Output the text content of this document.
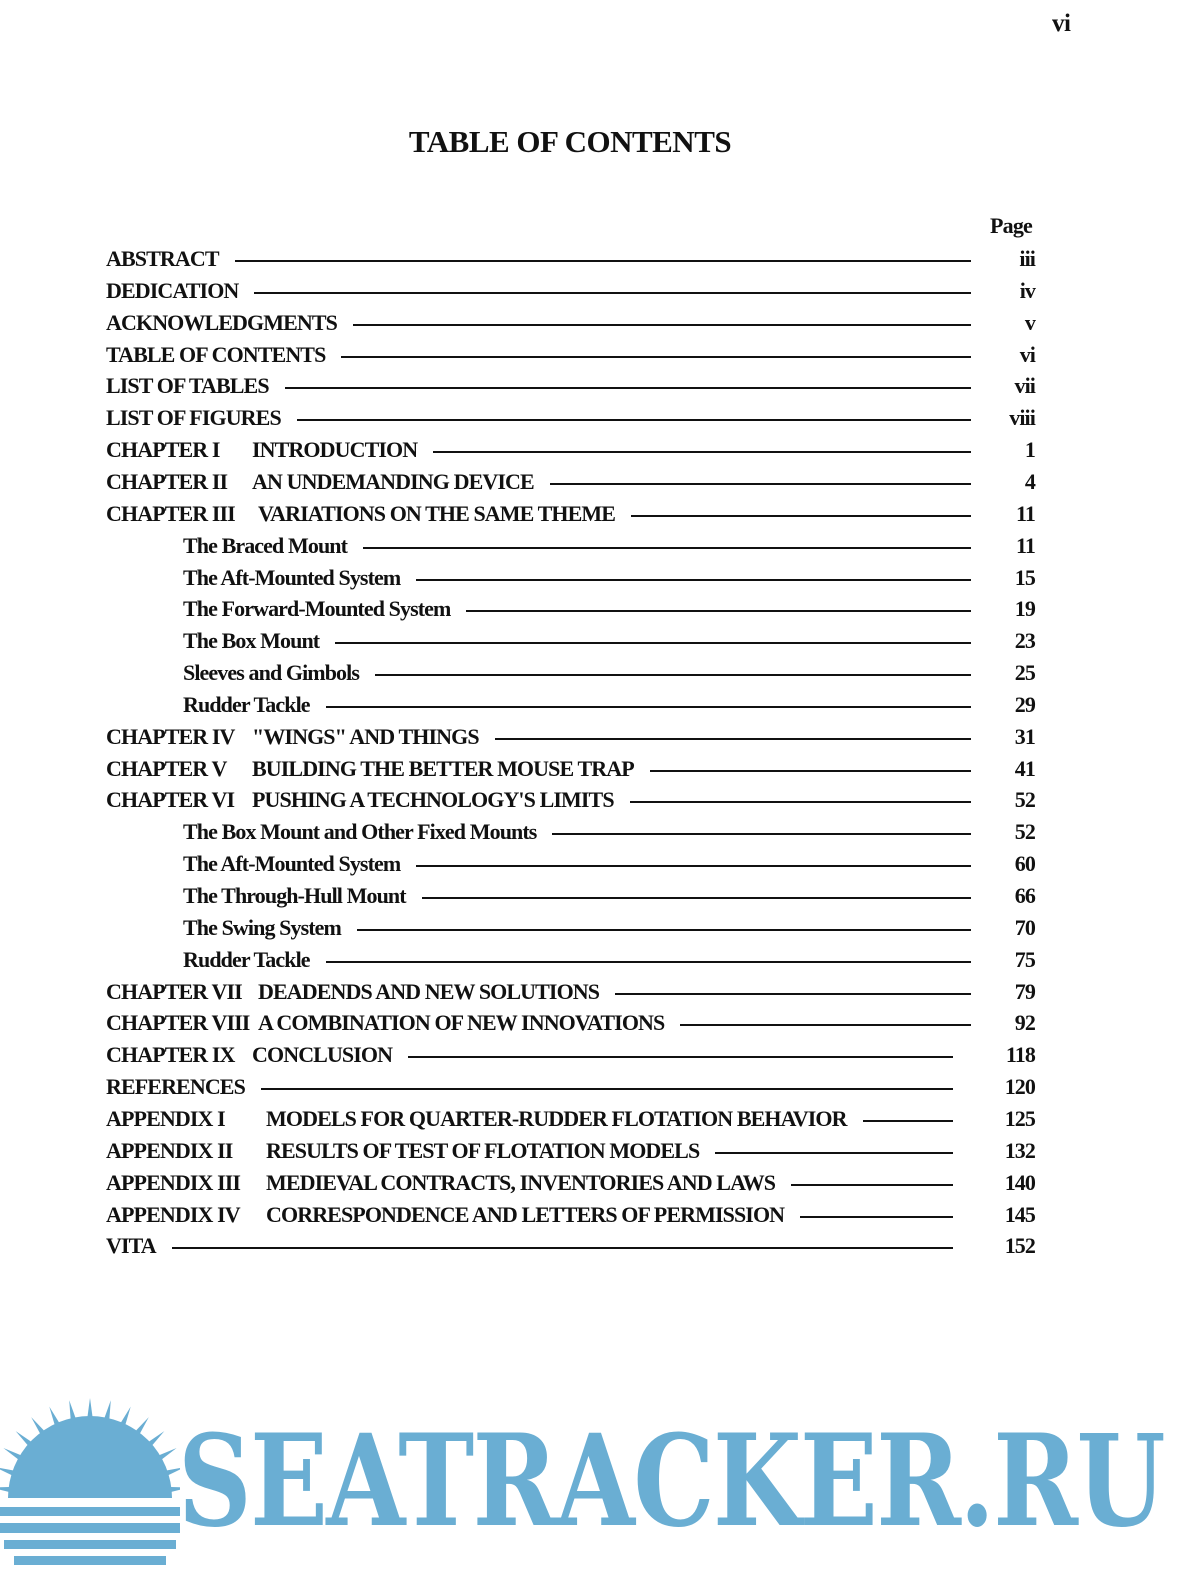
vi
TABLE OF CONTENTS
Page
ABSTRACT	iii
DEDICATION	iv
ACKNOWLEDGMENTS	v
TABLE OF CONTENTS	vi
LIST OF TABLES	vii
LIST OF FIGURES	viii
CHAPTER I	INTRODUCTION	1
CHAPTER II	AN UNDEMANDING DEVICE	4
CHAPTER III	VARIATIONS ON THE SAME THEME	11
The Braced Mount	11
The Aft-Mounted System	15
The Forward-Mounted System	19
The Box Mount	23
Sleeves and Gimbols	25
Rudder Tackle	29
CHAPTER IV "WINGS" AND THINGS	31
CHAPTER V	BUILDING THE BETTER MOUSE TRAP	41
CHAPTER VI PUSHING A TECHNOLOGY'S LIMITS	52
The Box Mount and Other Fixed Mounts	52
The Aft-Mounted System	60
The Through-Hull Mount	66
The Swing System	70
Rudder Tackle	75
CHAPTER VII DEADENDS AND NEW SOLUTIONS	79
CHAPTER VIII A COMBINATION OF NEW INNOVATIONS	92
CHAPTER IX CONCLUSION	118
REFERENCES	120
APPENDIX I	MODELS FOR QUARTER-RUDDER FLOTATION BEHAVIOR	125
APPENDIX II	RESULTS OF TEST OF FLOTATION MODELS	132
APPENDIX III	MEDIEVAL CONTRACTS, INVENTORIES AND LAWS	140
APPENDIX IV	CORRESPONDENCE AND LETTERS OF PERMISSION	145
VITA	152
SEATRACKER.RU
